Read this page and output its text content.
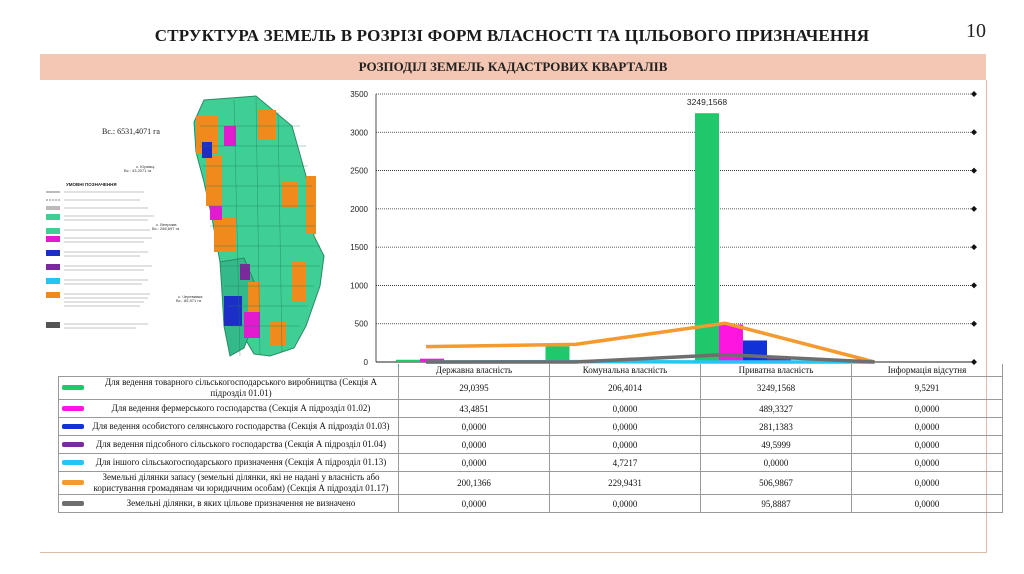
СТРУКТУРА ЗЕМЕЛЬ В РОЗРІЗІ ФОРМ ВЛАСНОСТІ ТА ЦІЛЬОВОГО ПРИЗНАЧЕННЯ	10
РОЗПОДІЛ ЗЕМЕЛЬ КАДАСТРОВИХ КВАРТАЛІВ
Вс.: 6531,4071 га
с. Юрківці
Вс.: 43,2071 га
с. Веприків
Вс.: 286,697 га
с. Черевківка
Вс.: 85,971 га
УМОВНІ ПОЗНАЧЕННЯ
0
500
1000
1500
2000
2500
3000
3500
3249,1568
	Державна власність	Комунальна власність	Приватна власність	Інформація відсутня

Для ведення товарного сільськогосподарського виробництва (Секція А підрозділ 01.01)	29,0395	206,4014	3249,1568	9,5291

Для ведення фермерського господарства (Секція А підрозділ 01.02)	43,4851	0,0000	489,3327	0,0000

Для ведення особистого селянського господарства (Секція А підрозділ 01.03)	0,0000	0,0000	281,1383	0,0000

Для ведення підсобного сільського господарства (Секція А підрозділ 01.04)	0,0000	0,0000	49,5999	0,0000

Для іншого сільськогосподарського призначення (Секція А підрозділ 01.13)	0,0000	4,7217	0,0000	0,0000

Земельні ділянки запасу (земельні ділянки, які не надані у власність або користування громадянам чи юридичним особам) (Секція А підрозділ 01.17)	200,1366	229,9431	506,9867	0,0000

Земельні ділянки, в яких цільове призначення не визначено	0,0000	0,0000	95,8887	0,0000
